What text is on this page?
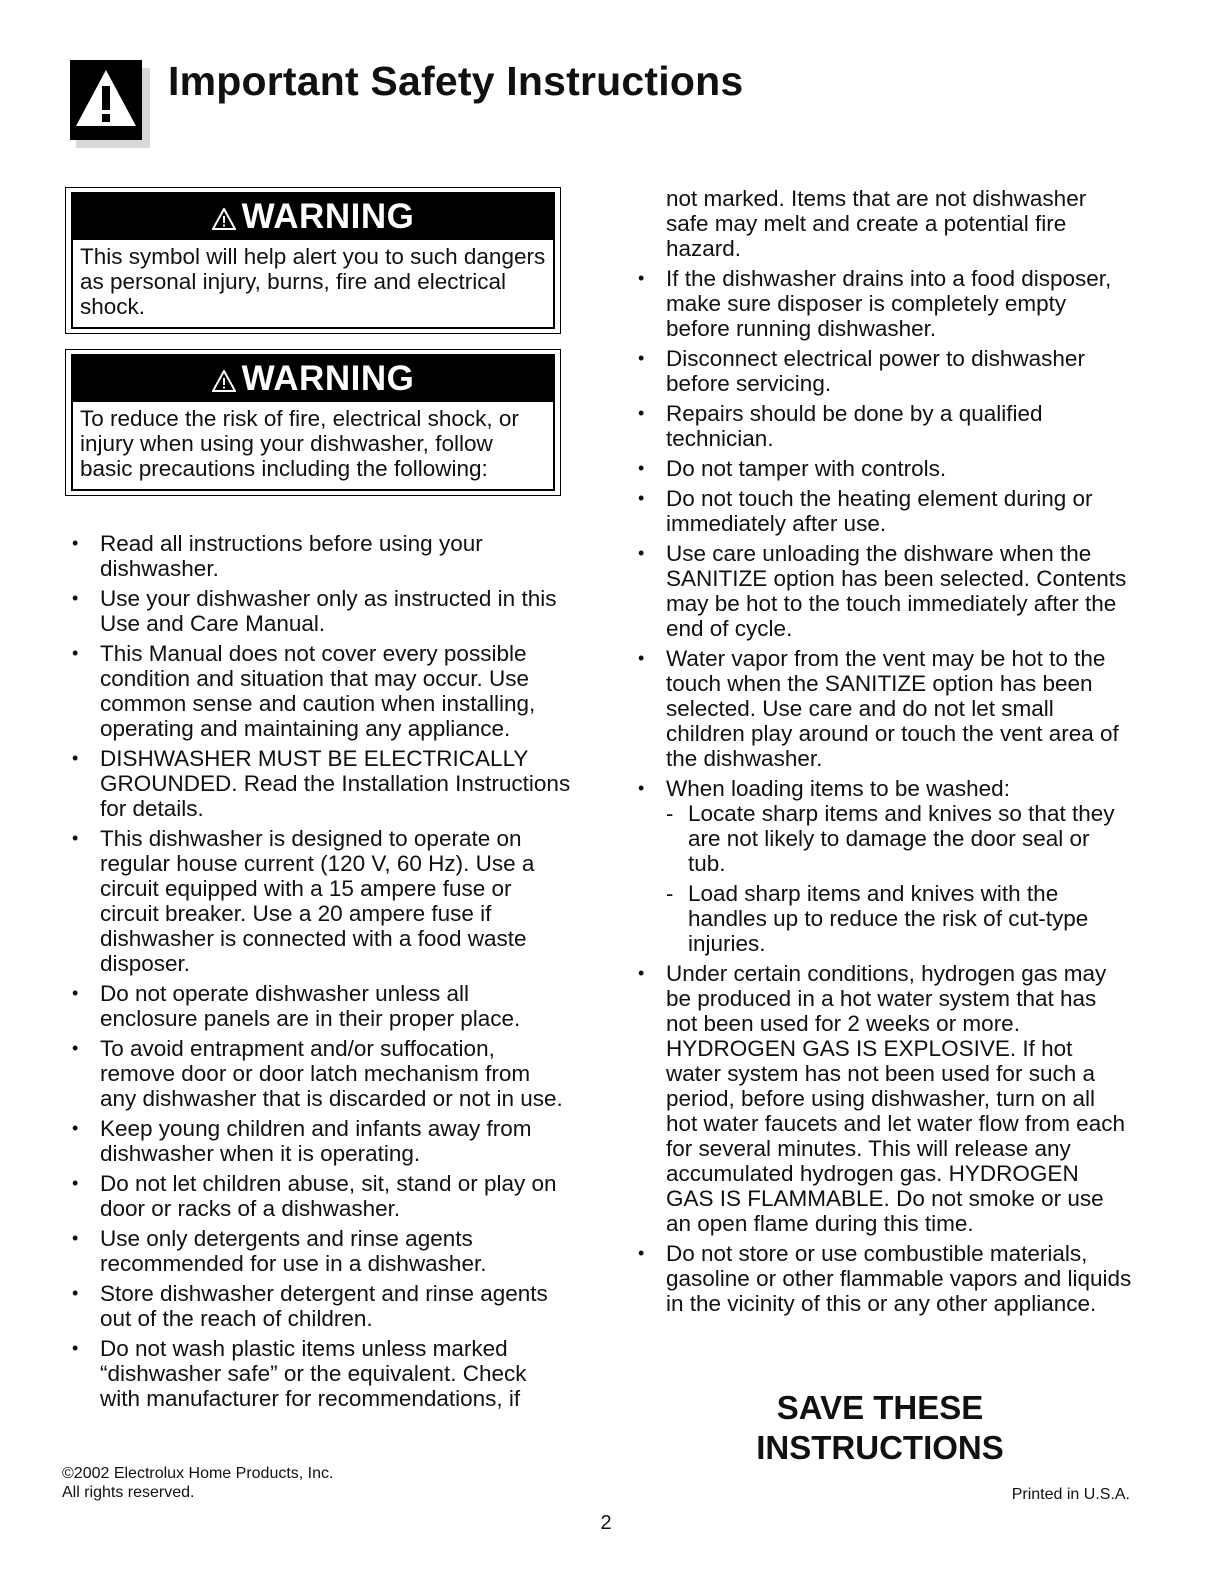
Important Safety Instructions
WARNING
This symbol will help alert you to such dangers as personal injury, burns, fire and electrical shock.
WARNING
To reduce the risk of fire, electrical shock, or injury when using your dishwasher, follow basic precautions including the following:
• Read all instructions before using your dishwasher.
• Use your dishwasher only as instructed in this Use and Care Manual.
• This Manual does not cover every possible condition and situation that may occur. Use common sense and caution when installing, operating and maintaining any appliance.
• DISHWASHER MUST BE ELECTRICALLY GROUNDED. Read the Installation Instructions for details.
• This dishwasher is designed to operate on regular house current (120 V, 60 Hz). Use a circuit equipped with a 15 ampere fuse or circuit breaker. Use a 20 ampere fuse if dishwasher is connected with a food waste disposer.
• Do not operate dishwasher unless all enclosure panels are in their proper place.
• To avoid entrapment and/or suffocation, remove door or door latch mechanism from any dishwasher that is discarded or not in use.
• Keep young children and infants away from dishwasher when it is operating.
• Do not let children abuse, sit, stand or play on door or racks of a dishwasher.
• Use only detergents and rinse agents recommended for use in a dishwasher.
• Store dishwasher detergent and rinse agents out of the reach of children.
• Do not wash plastic items unless marked “dishwasher safe” or the equivalent. Check with manufacturer for recommendations, if
not marked. Items that are not dishwasher safe may melt and create a potential fire hazard.
• If the dishwasher drains into a food disposer, make sure disposer is completely empty before running dishwasher.
• Disconnect electrical power to dishwasher before servicing.
• Repairs should be done by a qualified technician.
• Do not tamper with controls.
• Do not touch the heating element during or immediately after use.
• Use care unloading the dishware when the SANITIZE option has been selected. Contents may be hot to the touch immediately after the end of cycle.
• Water vapor from the vent may be hot to the touch when the SANITIZE option has been selected. Use care and do not let small children play around or touch the vent area of the dishwasher.
• When loading items to be washed:
- Locate sharp items and knives so that they are not likely to damage the door seal or tub.
- Load sharp items and knives with the handles up to reduce the risk of cut-type injuries.
• Under certain conditions, hydrogen gas may be produced in a hot water system that has not been used for 2 weeks or more. HYDROGEN GAS IS EXPLOSIVE. If hot water system has not been used for such a period, before using dishwasher, turn on all hot water faucets and let water flow from each for several minutes. This will release any accumulated hydrogen gas. HYDROGEN GAS IS FLAMMABLE. Do not smoke or use an open flame during this time.
• Do not store or use combustible materials, gasoline or other flammable vapors and liquids in the vicinity of this or any other appliance.
SAVE THESE
INSTRUCTIONS
©2002 Electrolux Home Products, Inc.
All rights reserved.	Printed in U.S.A.
2
